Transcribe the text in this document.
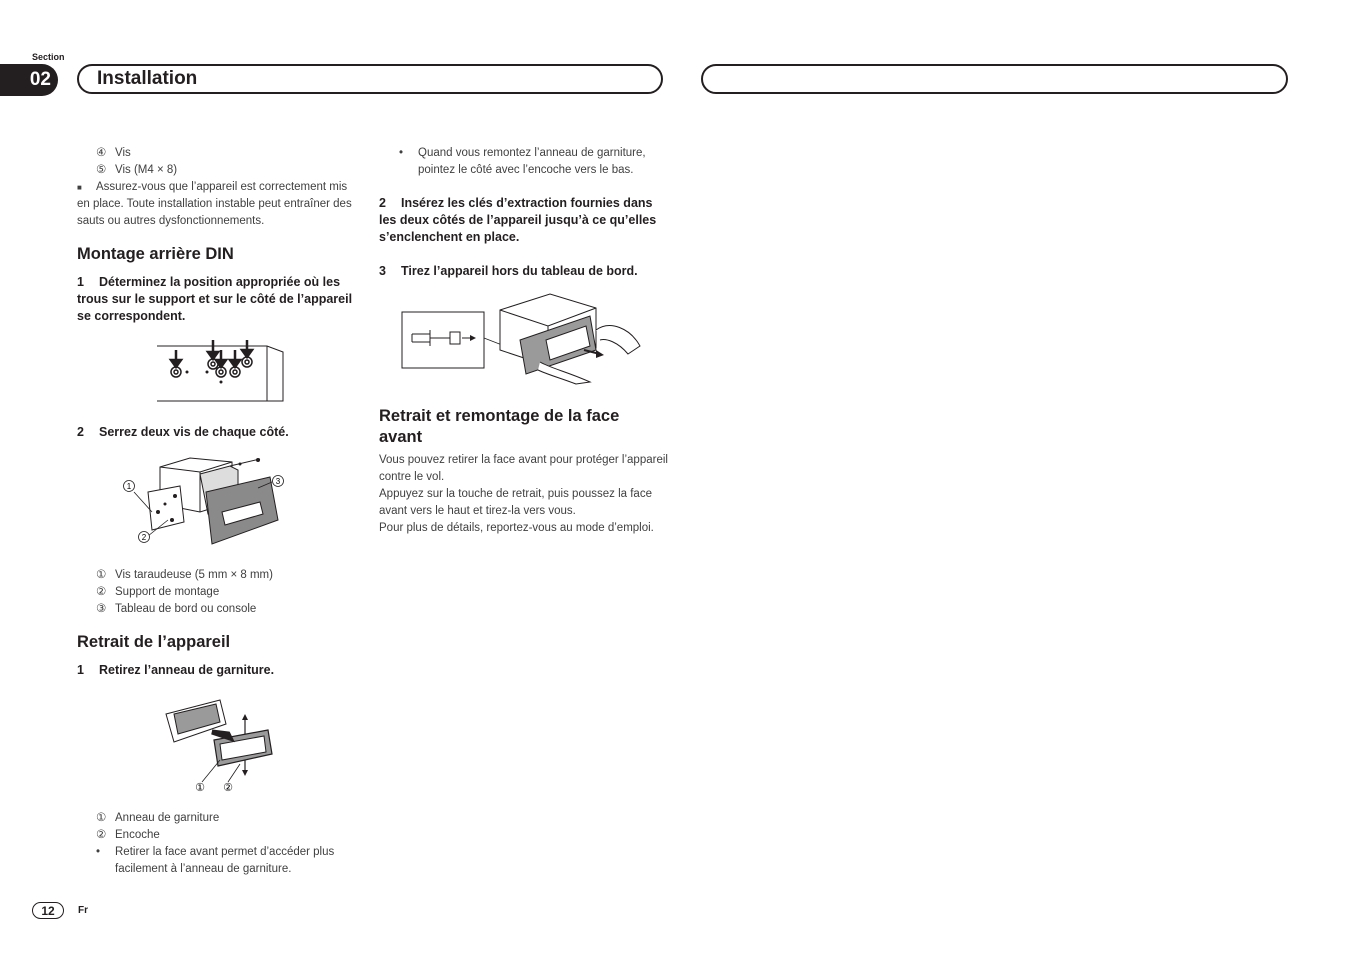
Section
02	Installation
④ Vis
⑤ Vis (M4 × 8)
■ Assurez-vous que l’appareil est correctement mis en place. Toute installation instable peut entraîner des sauts ou autres dysfonctionnements.
Montage arrière DIN
1 Déterminez la position appropriée où les trous sur le support et sur le côté de l’appareil se correspondent.
2 Serrez deux vis de chaque côté.
1
2
3
① Vis taraudeuse (5 mm × 8 mm)
② Support de montage
③ Tableau de bord ou console
Retrait de l’appareil
1 Retirez l’anneau de garniture.
① ②
① Anneau de garniture
② Encoche
•	Retirer la face avant permet d’accéder plus facilement à l’anneau de garniture.
•	Quand vous remontez l’anneau de garniture, pointez le côté avec l’encoche vers le bas.
2 Insérez les clés d’extraction fournies dans les deux côtés de l’appareil jusqu’à ce qu’elles s’enclenchent en place.
3 Tirez l’appareil hors du tableau de bord.
Retrait et remontage de la face avant
Vous pouvez retirer la face avant pour protéger l’appareil contre le vol.
Appuyez sur la touche de retrait, puis poussez la face avant vers le haut et tirez-la vers vous.
Pour plus de détails, reportez-vous au mode d’emploi.
12	Fr
